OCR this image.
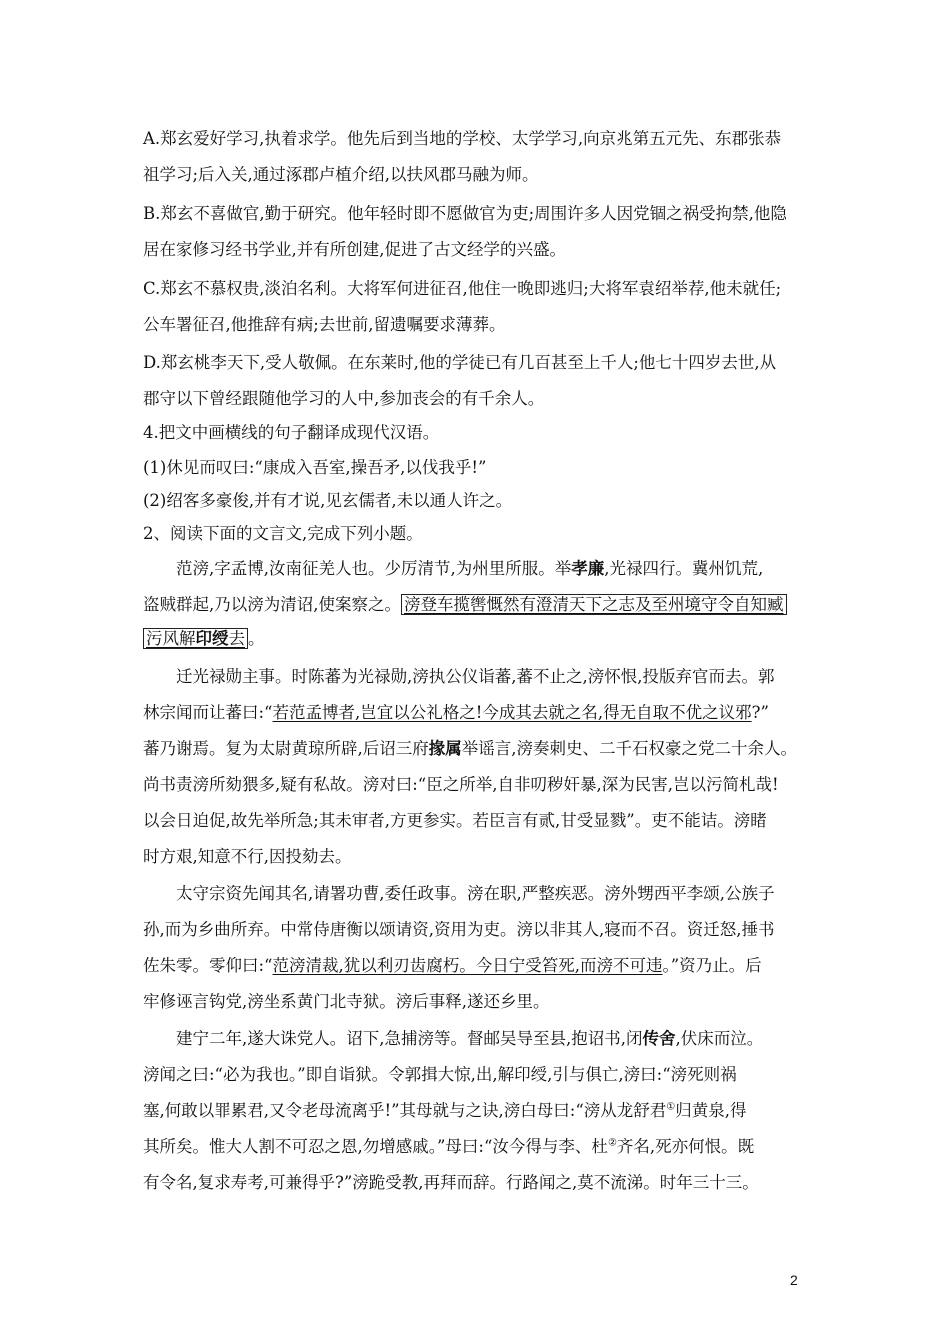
A.郑玄爱好学习,执着求学。他先后到当地的学校、太学学习,向京兆第五元先、东郡张恭
祖学习;后入关,通过涿郡卢植介绍,以扶风郡马融为师。
B.郑玄不喜做官,勤于研究。他年轻时即不愿做官为吏;周围许多人因党锢之祸受拘禁,他隐
居在家修习经书学业,并有所创建,促进了古文经学的兴盛。
C.郑玄不慕权贵,淡泊名利。大将军何进征召,他住一晚即逃归;大将军袁绍举荐,他未就任;
公车署征召,他推辞有病;去世前,留遗嘱要求薄葬。
D.郑玄桃李天下,受人敬佩。在东莱时,他的学徒已有几百甚至上千人;他七十四岁去世,从
郡守以下曾经跟随他学习的人中,参加丧会的有千余人。
4.把文中画横线的句子翻译成现代汉语。
(1)休见而叹曰:“康成入吾室,操吾矛,以伐我乎!”
(2)绍客多豪俊,并有才说,见玄儒者,未以通人许之。
2、阅读下面的文言文,完成下列小题。
范滂,字孟博,汝南征羌人也。少厉清节,为州里所服。举孝廉,光禄四行。冀州饥荒,
盗贼群起,乃以滂为清诏,使案察之。 滂登车揽辔慨然有澄清天下之志及至州境守令自知臧
污风解印绶去 。
迁光禄勋主事。时陈蕃为光禄勋,滂执公仪诣蕃,蕃不止之,滂怀恨,投版弃官而去。郭
林宗闻而让蕃曰:“若范孟博者,岂宜以公礼格之!今成其去就之名,得无自取不优之议邪?”
蕃乃谢焉。复为太尉黄琼所辟,后诏三府掾属举谣言,滂奏刺史、二千石权豪之党二十余人。
尚书责滂所劾猥多,疑有私故。滂对曰:“臣之所举,自非叨秽奸暴,深为民害,岂以污简札哉!
以会日迫促,故先举所急;其未审者,方更参实。若臣言有贰,甘受显戮”。吏不能诘。滂睹
时方艰,知意不行,因投劾去。
太守宗资先闻其名,请署功曹,委任政事。滂在职,严整疾恶。滂外甥西平李颂,公族子
孙,而为乡曲所弃。中常侍唐衡以颂请资,资用为吏。滂以非其人,寝而不召。资迁怒,捶书
佐朱零。零仰曰:“范滂清裁,犹以利刃齿腐朽。今日宁受笞死,而滂不可违。”资乃止。后
牢修诬言钩党,滂坐系黄门北寺狱。滂后事释,遂还乡里。
建宁二年,遂大诛党人。诏下,急捕滂等。督邮吴导至县,抱诏书,闭传舍,伏床而泣。
滂闻之曰:“必为我也。”即自诣狱。令郭揖大惊,出,解印绶,引与俱亡,滂曰:“滂死则祸
塞,何敢以罪累君,又令老母流离乎!”其母就与之诀,滂白母曰:“滂从龙舒君①归黄泉,得
其所矣。惟大人割不可忍之恩,勿增感戚。”母曰:“汝今得与李、杜②齐名,死亦何恨。既
有令名,复求寿考,可兼得乎?”滂跪受教,再拜而辞。行路闻之,莫不流涕。时年三十三。
2
